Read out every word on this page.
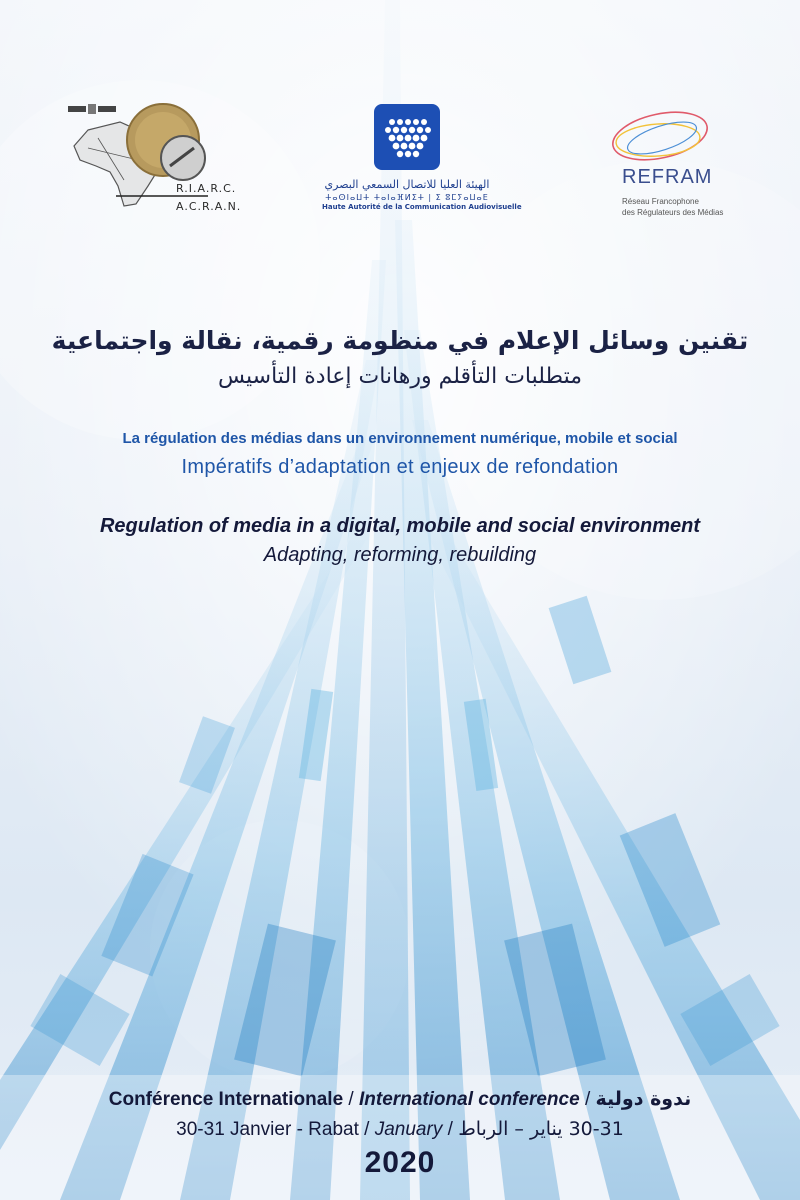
R.I.A.R.C.
A.C.R.A.N.
الهيئة العليا للاتصال السمعي البصري
ⵜⴰⵙⵏⴰⵡⵜ ⵜⴰⵏⴰⴼⵍⵉⵜ | ⵉ ⵓⵎⵢⴰⵡⴰⴹ
Haute Autorité de la Communication Audiovisuelle
REFRAM
Réseau Francophone
des Régulateurs des Médias
تقنين وسائل الإعلام في منظومة رقمية، نقالة واجتماعية
متطلبات التأقلم ورهانات إعادة التأسيس
La régulation des médias dans un environnement numérique, mobile et social
Impératifs d’adaptation et enjeux de refondation
Regulation of media in a digital, mobile and social environment
Adapting, reforming, rebuilding
Conférence Internationale / International conference / ندوة دولية
30-31 Janvier - Rabat / January / 30-31 يناير – الرباط
2020
